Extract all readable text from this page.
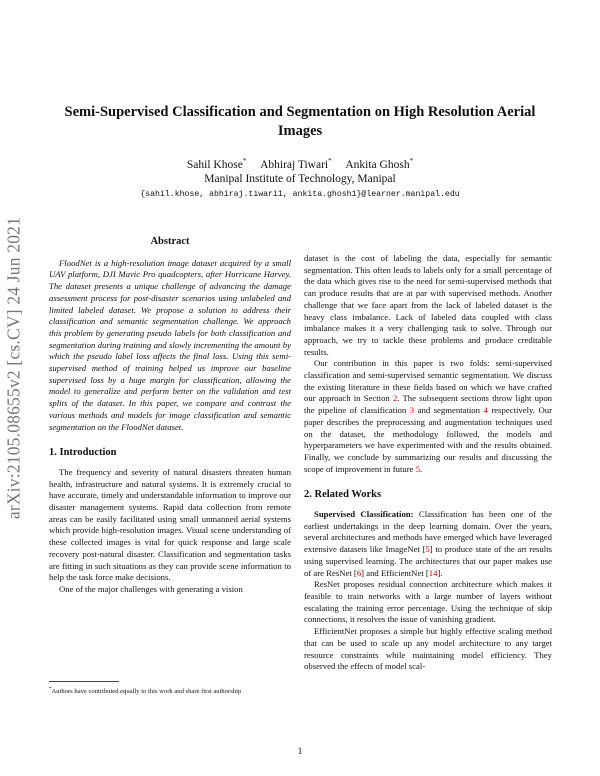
arXiv:2105.08655v2 [cs.CV] 24 Jun 2021
Semi-Supervised Classification and Segmentation on High Resolution Aerial Images
Sahil Khose* Abhiraj Tiwari* Ankita Ghosh*
Manipal Institute of Technology, Manipal
{sahil.khose, abhiraj.tiwari1, ankita.ghosh1}@learner.manipal.edu
Abstract

FloodNet is a high-resolution image dataset acquired by a small UAV platform, DJI Mavic Pro quadcopters, after Hurricane Harvey. The dataset presents a unique challenge of advancing the damage assessment process for post-disaster scenarios using unlabeled and limited labeled dataset. We propose a solution to address their classification and semantic segmentation challenge. We approach this problem by generating pseudo labels for both classification and segmentation during training and slowly incrementing the amount by which the pseudo label loss affects the final loss. Using this semi-supervised method of training helped us improve our baseline supervised loss by a huge margin for classification, allowing the model to generalize and perform better on the validation and test splits of the dataset. In this paper, we compare and contrast the various methods and models for image classification and semantic segmentation on the FloodNet dataset.

1. Introduction

The frequency and severity of natural disasters threaten human health, infrastructure and natural systems. It is extremely crucial to have accurate, timely and understandable information to improve our disaster management systems. Rapid data collection from remote areas can be easily facilitated using small unmanned aerial systems which provide high-resolution images. Visual scene understanding of these collected images is vital for quick response and large scale recovery post-natural disaster. Classification and segmentation tasks are fitting in such situations as they can provide scene information to help the task force make decisions.

One of the major challenges with generating a vision

dataset is the cost of labeling the data, especially for semantic segmentation. This often leads to labels only for a small percentage of the data which gives rise to the need for semi-supervised methods that can produce results that are at par with supervised methods. Another challenge that we face apart from the lack of labeled dataset is the heavy class imbalance. Lack of labeled data coupled with class imbalance makes it a very challenging task to solve. Through our approach, we try to tackle these problems and produce creditable results.

Our contribution in this paper is two folds: semi-supervised classification and semi-supervised semantic segmentation. We discuss the existing literature in these fields based on which we have crafted our approach in Section 2. The subsequent sections throw light upon the pipeline of classification 3 and segmentation 4 respectively. Our paper describes the preprocessing and augmentation techniques used on the dataset, the methodology followed, the models and hyperparameters we have experimented with and the results obtained. Finally, we conclude by summarizing our results and discussing the scope of improvement in future 5.

2. Related Works

Supervised Classification: Classification has been one of the earliest undertakings in the deep learning domain. Over the years, several architectures and methods have emerged which have leveraged extensive datasets like ImageNet [5] to produce state of the art results using supervised learning. The architectures that our paper makes use of are ResNet [6] and EfficientNet [14].

ResNet proposes residual connection architecture which makes it feasible to train networks with a large number of layers without escalating the training error percentage. Using the technique of skip connections, it resolves the issue of vanishing gradient.

EfficientNet proposes a simple but highly effective scaling method that can be used to scale up any model architecture to any target resource constraints while maintaining model efficiency. They observed the effects of model scal-

*Authors have contributed equally to this work and share first authorship
1
